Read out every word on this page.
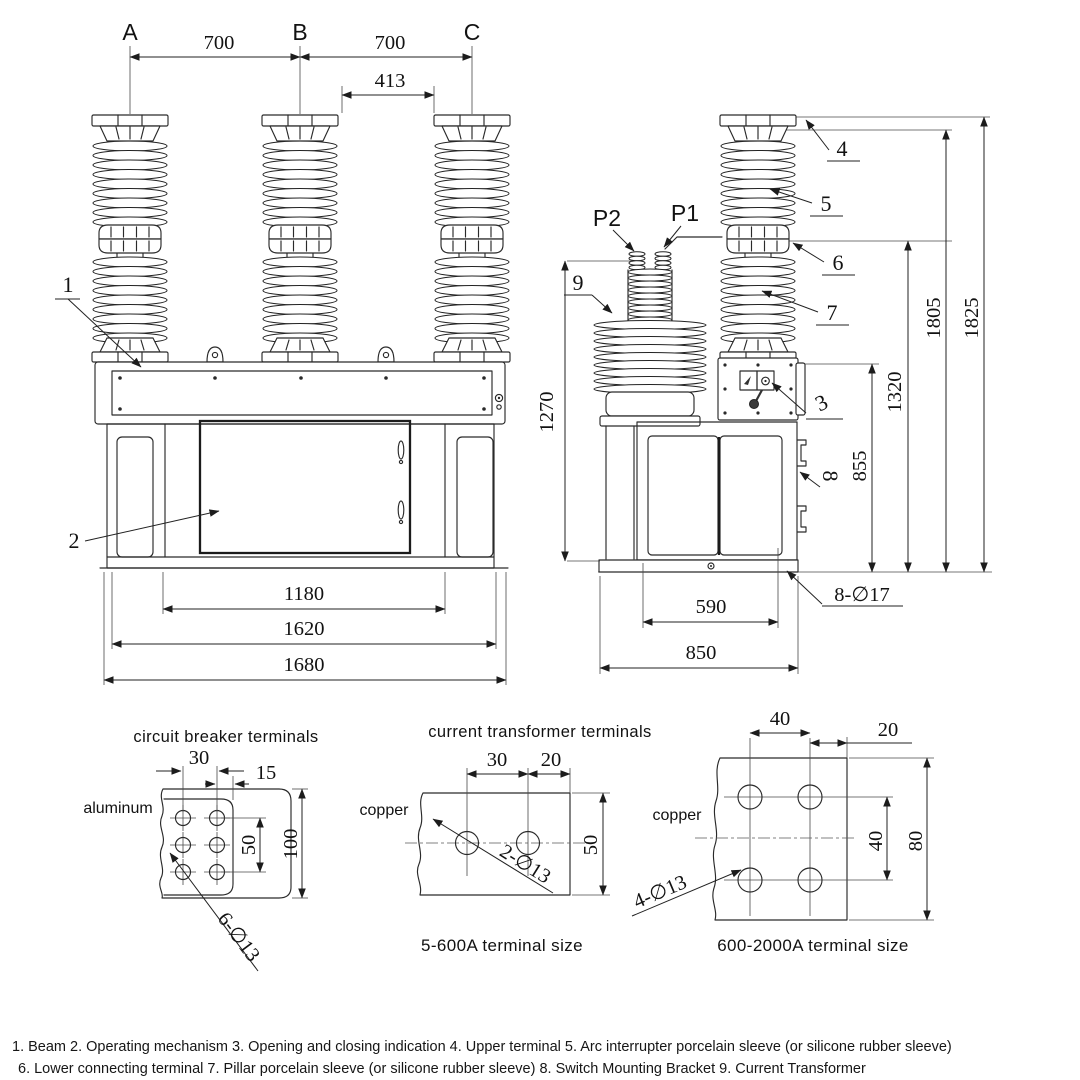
A	B	C
700	700
413
1
2
1180
1620
1680
P2 P1
4
5
6
7
9
3
8
1270
855
1320
1805 1825
590
850
8-∅17
circuit breaker terminals
30
15
50 100
aluminum
6-∅13
current transformer terminals
copper
30 20
50
2-∅13
5-600A terminal size
copper
40	20
40 80
4-∅13
600-2000A terminal size
1. Beam 2. Operating mechanism 3. Opening and closing indication 4. Upper terminal 5. Arc interrupter porcelain sleeve (or silicone rubber sleeve)
6. Lower connecting terminal 7. Pillar porcelain sleeve (or silicone rubber sleeve) 8. Switch Mounting Bracket 9. Current Transformer
